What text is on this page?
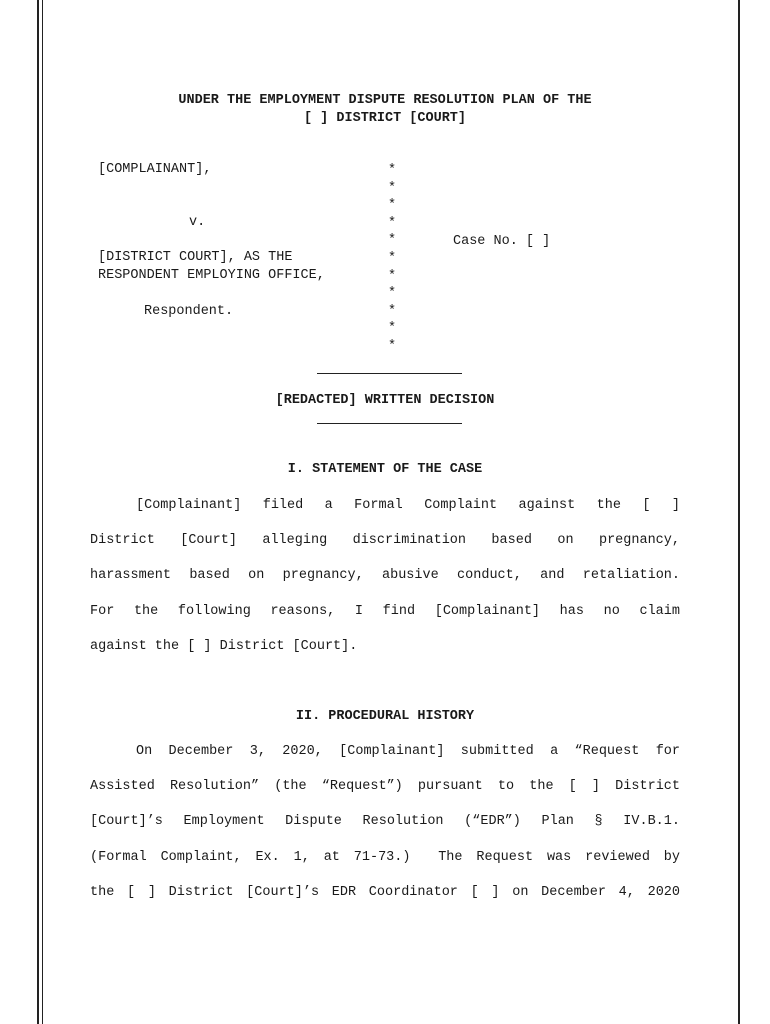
UNDER THE EMPLOYMENT DISPUTE RESOLUTION PLAN OF THE
[ ] DISTRICT [COURT]
[COMPLAINANT],
v.
[DISTRICT COURT], AS THE
RESPONDENT EMPLOYING OFFICE,
Respondent.
Case No. [ ]
*
*
*
*
*
*
*
*
*
*
*
[REDACTED] WRITTEN DECISION
I. STATEMENT OF THE CASE
[Complainant] filed a Formal Complaint against the [ ]
District [Court] alleging discrimination based on pregnancy,
harassment based on pregnancy, abusive conduct, and retaliation.
For the following reasons, I find [Complainant] has no claim
against the [ ] District [Court].
II. PROCEDURAL HISTORY
On December 3, 2020, [Complainant] submitted a “Request for
Assisted Resolution” (the “Request”) pursuant to the [ ] District
[Court]’s Employment Dispute Resolution (“EDR”) Plan § IV.B.1.
(Formal Complaint, Ex. 1, at 71-73.)  The Request was reviewed by
the [ ] District [Court]’s EDR Coordinator [ ] on December 4, 2020
